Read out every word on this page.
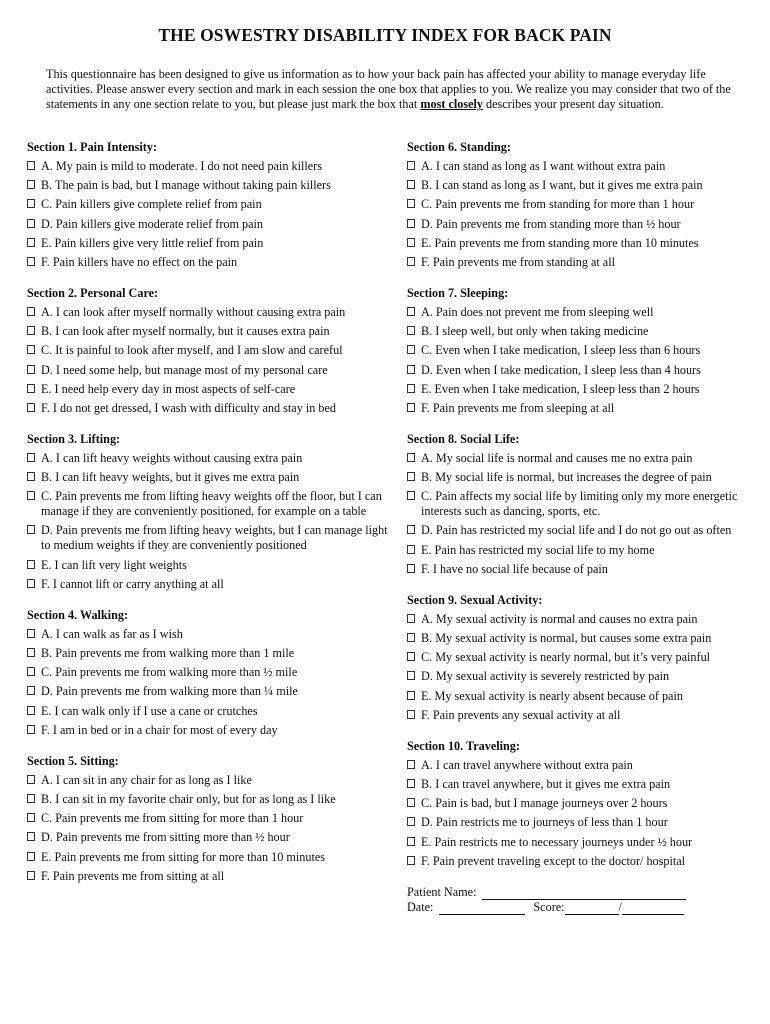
THE OSWESTRY DISABILITY INDEX FOR BACK PAIN
This questionnaire has been designed to give us information as to how your back pain has affected your ability to manage everyday life activities. Please answer every section and mark in each session the one box that applies to you. We realize you may consider that two of the statements in any one section relate to you, but please just mark the box that most closely describes your present day situation.
Section 1. Pain Intensity:
A. My pain is mild to moderate. I do not need pain killers
B. The pain is bad, but I manage without taking pain killers
C. Pain killers give complete relief from pain
D. Pain killers give moderate relief from pain
E. Pain killers give very little relief from pain
F. Pain killers have no effect on the pain
Section 2. Personal Care:
A. I can look after myself normally without causing extra pain
B. I can look after myself normally, but it causes extra pain
C. It is painful to look after myself, and I am slow and careful
D. I need some help, but manage most of my personal care
E. I need help every day in most aspects of self-care
F. I do not get dressed, I wash with difficulty and stay in bed
Section 3. Lifting:
A. I can lift heavy weights without causing extra pain
B. I can lift heavy weights, but it gives me extra pain
C. Pain prevents me from lifting heavy weights off the floor, but I can manage if they are conveniently positioned, for example on a table
D. Pain prevents me from lifting heavy weights, but I can manage light to medium weights if they are conveniently positioned
E. I can lift very light weights
F. I cannot lift or carry anything at all
Section 4. Walking:
A. I can walk as far as I wish
B. Pain prevents me from walking more than 1 mile
C. Pain prevents me from walking more than ½ mile
D. Pain prevents me from walking more than ¼ mile
E. I can walk only if I use a cane or crutches
F. I am in bed or in a chair for most of every day
Section 5. Sitting:
A. I can sit in any chair for as long as I like
B. I can sit in my favorite chair only, but for as long as I like
C. Pain prevents me from sitting for more than 1 hour
D. Pain prevents me from sitting more than ½ hour
E. Pain prevents me from sitting for more than 10 minutes
F. Pain prevents me from sitting at all
Section 6. Standing:
A. I can stand as long as I want without extra pain
B. I can stand as long as I want, but it gives me extra pain
C. Pain prevents me from standing for more than 1 hour
D. Pain prevents me from standing more than ½ hour
E. Pain prevents me from standing more than 10 minutes
F. Pain prevents me from standing at all
Section 7. Sleeping:
A. Pain does not prevent me from sleeping well
B. I sleep well, but only when taking medicine
C. Even when I take medication, I sleep less than 6 hours
D. Even when I take medication, I sleep less than 4 hours
E. Even when I take medication, I sleep less than 2 hours
F. Pain prevents me from sleeping at all
Section 8. Social Life:
A. My social life is normal and causes me no extra pain
B. My social life is normal, but increases the degree of pain
C. Pain affects my social life by limiting only my more energetic interests such as dancing, sports, etc.
D. Pain has restricted my social life and I do not go out as often
E. Pain has restricted my social life to my home
F. I have no social life because of pain
Section 9. Sexual Activity:
A. My sexual activity is normal and causes no extra pain
B. My sexual activity is normal, but causes some extra pain
C. My sexual activity is nearly normal, but it’s very painful
D. My sexual activity is severely restricted by pain
E. My sexual activity is nearly absent because of pain
F. Pain prevents any sexual activity at all
Section 10. Traveling:
A. I can travel anywhere without extra pain
B. I can travel anywhere, but it gives me extra pain
C. Pain is bad, but I manage journeys over 2 hours
D. Pain restricts me to journeys of less than 1 hour
E. Pain restricts me to necessary journeys under ½ hour
F. Pain prevent traveling except to the doctor/ hospital
Patient Name:
Date:	Score:	/
